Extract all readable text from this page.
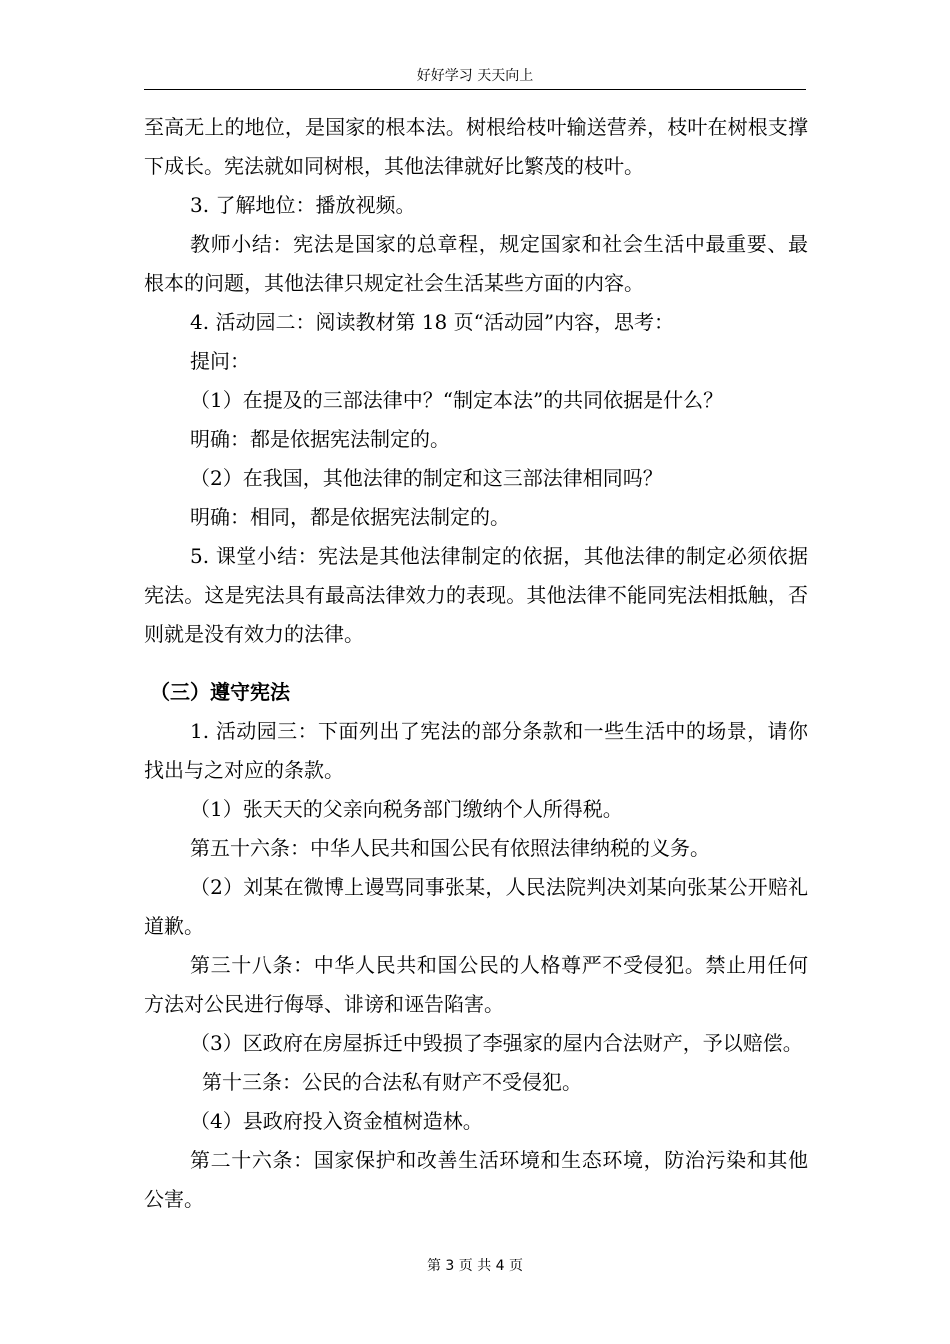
好好学习 天天向上

至高无上的地位，是国家的根本法。树根给枝叶输送营养，枝叶在树根支撑下成长。宪法就如同树根，其他法律就好比繁茂的枝叶。

3. 了解地位：播放视频。

教师小结：宪法是国家的总章程，规定国家和社会生活中最重要、最根本的问题，其他法律只规定社会生活某些方面的内容。

4. 活动园二：阅读教材第 18 页“活动园”内容，思考：

提问：

（1）在提及的三部法律中？“制定本法”的共同依据是什么？

明确：都是依据宪法制定的。

（2）在我国，其他法律的制定和这三部法律相同吗？

明确：相同，都是依据宪法制定的。

5. 课堂小结：宪法是其他法律制定的依据，其他法律的制定必须依据宪法。这是宪法具有最高法律效力的表现。其他法律不能同宪法相抵触，否则就是没有效力的法律。

（三）遵守宪法

1. 活动园三：下面列出了宪法的部分条款和一些生活中的场景，请你找出与之对应的条款。

（1）张天天的父亲向税务部门缴纳个人所得税。

第五十六条：中华人民共和国公民有依照法律纳税的义务。

（2）刘某在微博上谩骂同事张某，人民法院判决刘某向张某公开赔礼道歉。

第三十八条：中华人民共和国公民的人格尊严不受侵犯。禁止用任何方法对公民进行侮辱、诽谤和诬告陷害。

（3）区政府在房屋拆迁中毁损了李强家的屋内合法财产，予以赔偿。

第十三条：公民的合法私有财产不受侵犯。

（4）县政府投入资金植树造林。

第二十六条：国家保护和改善生活环境和生态环境，防治污染和其他公害。

第 3 页 共 4 页
